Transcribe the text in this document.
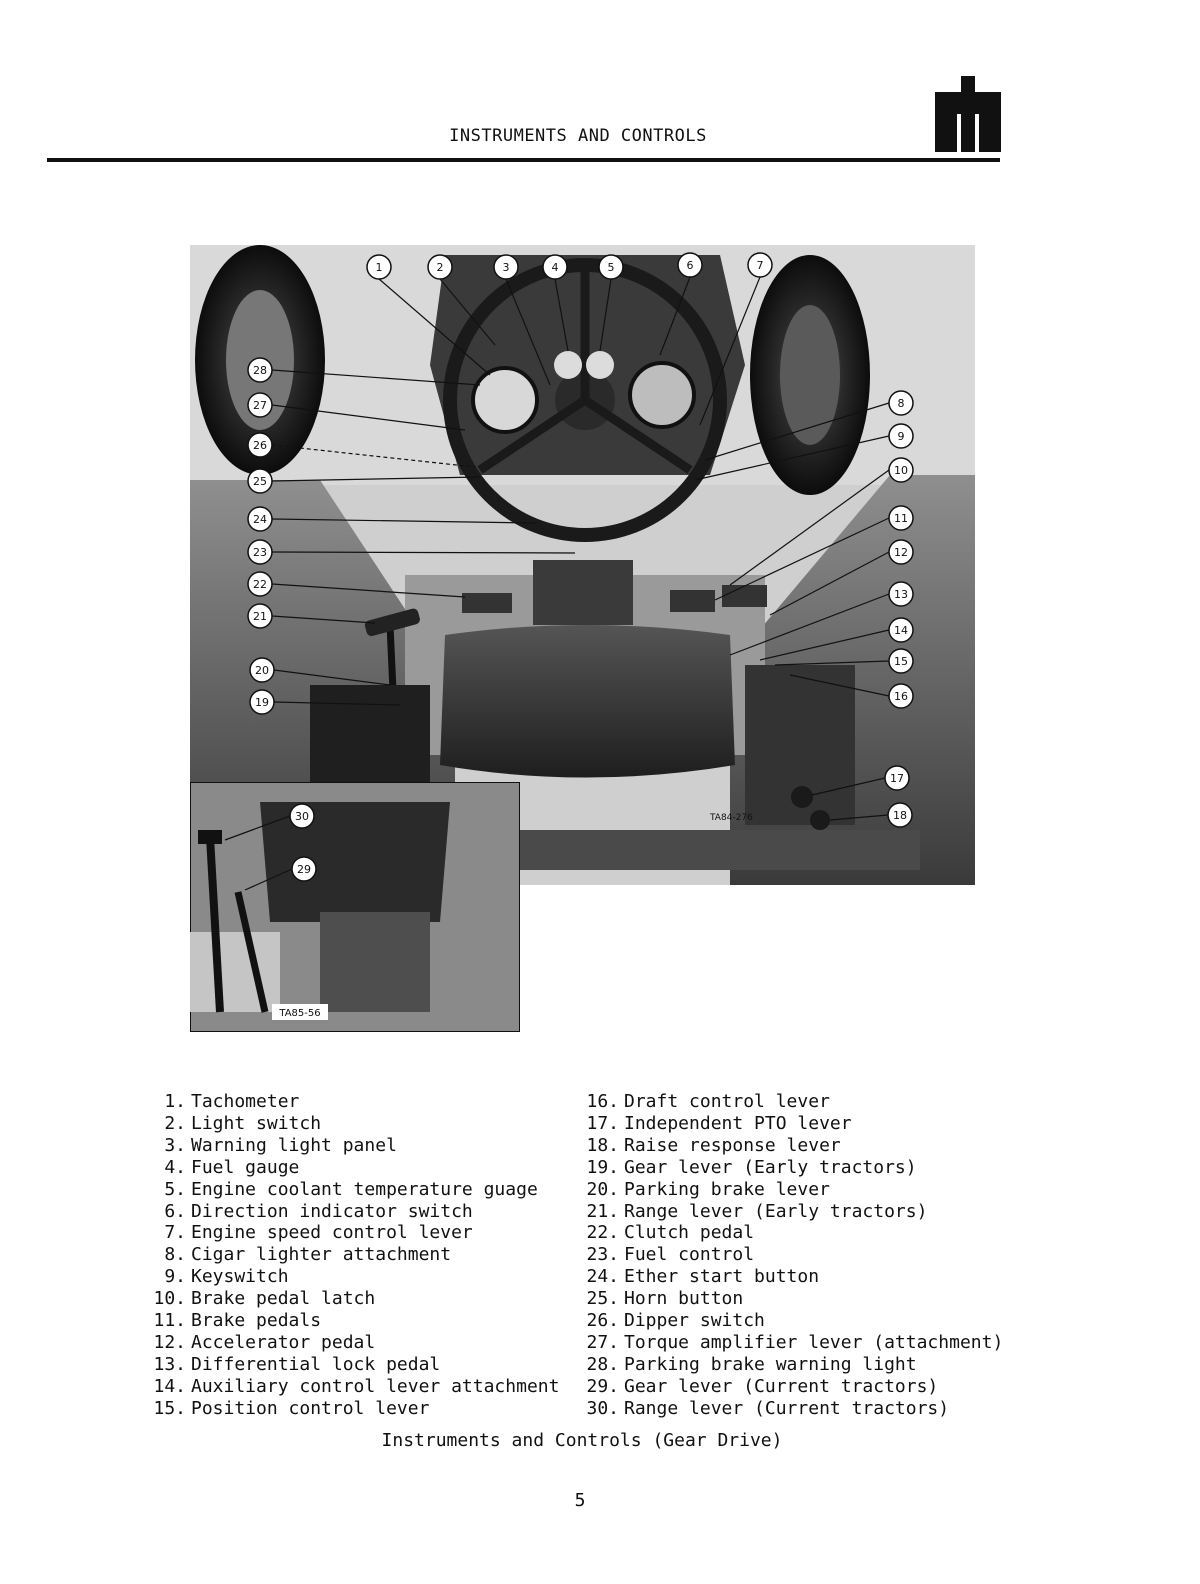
INSTRUMENTS AND CONTROLS
TA84-276
1	2	3	4	5	6	7
8
9
10
11
12
13
14
15
16
17
18
19
20
21
22
23
24
25
26
27
28
30
29
TA85-56
1. Tachometer
2. Light switch
3. Warning light panel
4. Fuel gauge
5. Engine coolant temperature guage
6. Direction indicator switch
7. Engine speed control lever
8. Cigar lighter attachment
9. Keyswitch
10. Brake pedal latch
11. Brake pedals
12. Accelerator pedal
13. Differential lock pedal
14. Auxiliary control lever attachment
15. Position control lever
16. Draft control lever
17. Independent PTO lever
18. Raise response lever
19. Gear lever (Early tractors)
20. Parking brake lever
21. Range lever (Early tractors)
22. Clutch pedal
23. Fuel control
24. Ether start button
25. Horn button
26. Dipper switch
27. Torque amplifier lever (attachment)
28. Parking brake warning light
29. Gear lever (Current tractors)
30. Range lever (Current tractors)
Instruments and Controls (Gear Drive)
5
